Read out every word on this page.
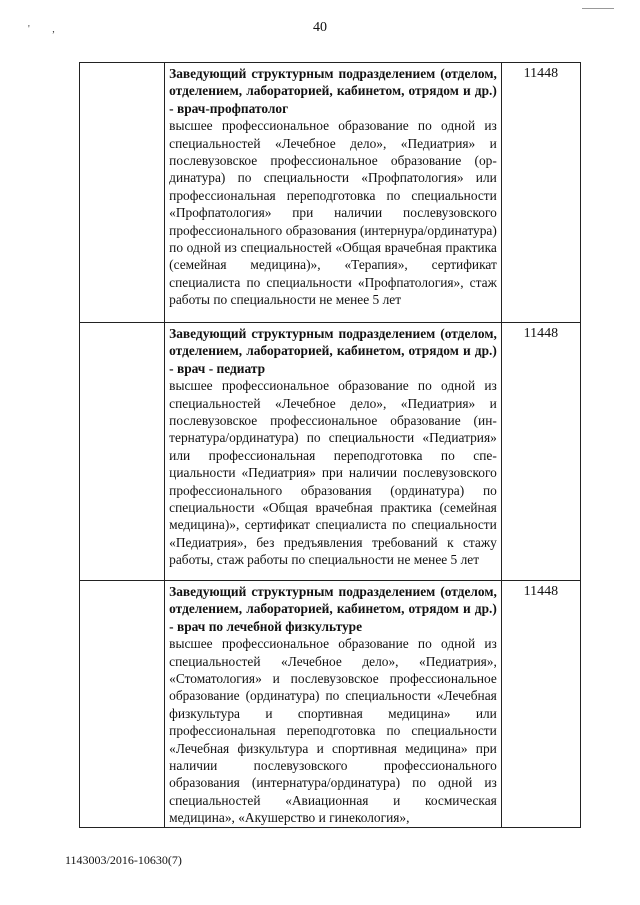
' ,	40

	Заведующий структурным подразделением (отделом, отделением, лабораторией, кабинетом, отрядом и др.) - врач-профпатолог
высшее профессиональное образование по одной из специальностей «Лечебное дело», «Педиатрия» и послевузовское профессиональное образование (ординатура) по специальности «Профпатология» или профессиональная переподготовка по специальности «Профпатология» при наличии послевузовского профессионального образования (интернура/ординатура) по одной из специальностей «Общая врачебная практика (семейная медицина)», «Терапия», сертификат специалиста по специальности «Профпатология», стаж работы по специальности не менее 5 лет	11448

	Заведующий структурным подразделением (отделом, отделением, лабораторией, кабинетом, отрядом и др.) - врач - педиатр
высшее профессиональное образование по одной из специальностей «Лечебное дело», «Педиатрия» и послевузовское профессиональное образование (интернатура/ординатура) по специальности «Педиатрия» или профессиональная переподготовка по специальности «Педиатрия» при наличии послевузовского профессионального образования (ординатура) по специальности «Общая врачебная практика (семейная медицина)», сертификат специалиста по специальности «Педиатрия», без предъявления требований к стажу работы, стаж работы по специальности не менее 5 лет	11448

	Заведующий структурным подразделением (отделом, отделением, лабораторией, кабинетом, отрядом и др.) - врач по лечебной физкультуре
высшее профессиональное образование по одной из специальностей «Лечебное дело», «Педиатрия», «Стоматология» и послевузовское профессиональное образование (ординатура) по специальности «Лечебная физкультура и спортивная медицина» или профессиональная переподготовка по специальности «Лечебная физкультура и спортивная медицина» при наличии послевузовского профессионального образования (интернатура/ординатура) по одной из специальностей «Авиационная и космическая медицина», «Акушерство и гинекология»,	11448
1143003/2016-10630(7)
